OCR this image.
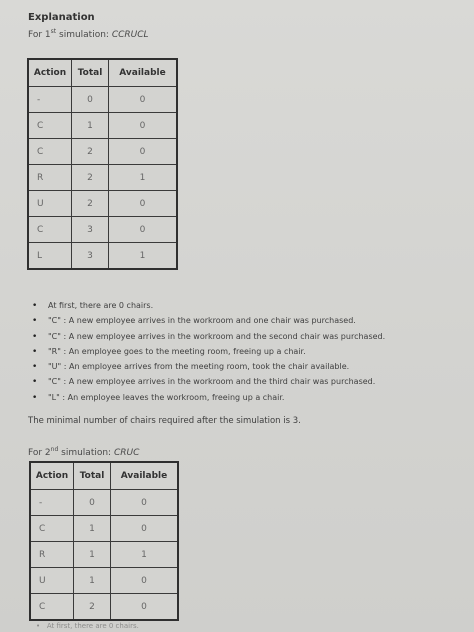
Explanation
For 1st simulation: CCRUCL
Action	Total	Available
-	0	0
C	1	0
C	2	0
R	2	1
U	2	0
C	3	0
L	3	1
• At first, there are 0 chairs.
• "C" : A new employee arrives in the workroom and one chair was purchased.
• "C" : A new employee arrives in the workroom and the second chair was purchased.
• "R" : An employee goes to the meeting room, freeing up a chair.
• "U" : An employee arrives from the meeting room, took the chair available.
• "C" : A new employee arrives in the workroom and the third chair was purchased.
• "L" : An employee leaves the workroom, freeing up a chair.
The minimal number of chairs required after the simulation is 3.
For 2nd simulation: CRUC
Action	Total	Available
-	0	0
C	1	0
R	1	1
U	1	0
C	2	0
•   At first, there are 0 chairs.
